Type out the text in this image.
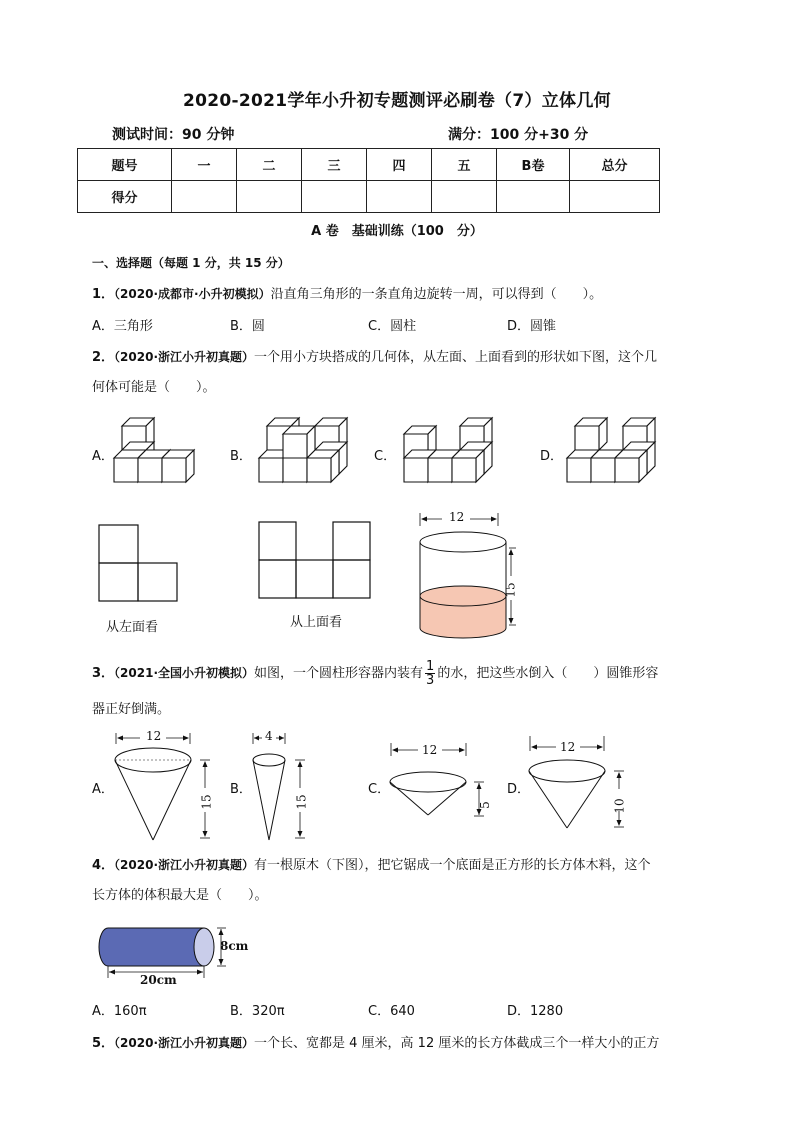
2020-2021学年小升初专题测评必刷卷（7）立体几何
测试时间：90 分钟	满分：100 分+30 分
题号	一	二	三	四	五	B卷	总分
得分							
A 卷　基础训练（100　分）
一、选择题（每题 1 分，共 15 分）
1．（2020·成都市·小升初模拟）沿直角三角形的一条直角边旋转一周，可以得到（　　）。
A．三角形	B．圆	C．圆柱	D．圆锥
2．（2020·浙江小升初真题）一个用小方块搭成的几何体，从左面、上面看到的形状如下图，这个几
何体可能是（　　）。
A．	B．	C．	D．
从左面看	从上面看
12
15
3．（2021·全国小升初模拟）如图，一个圆柱形容器内装有 $\frac{1}{3}$ 的水，把这些水倒入（　　）圆锥形容
器正好倒满。
A．	B．	C．	D．
12
15
4
15
12
5
12
10
4．（2020·浙江小升初真题）有一根原木（下图），把它锯成一个底面是正方形的长方体木料，这个
长方体的体积最大是（　　）。
8cm
20cm
A．160π	B．320π	C．640	D．1280
5．（2020·浙江小升初真题）一个长、宽都是 4 厘米，高 12 厘米的长方体截成三个一样大小的正方
